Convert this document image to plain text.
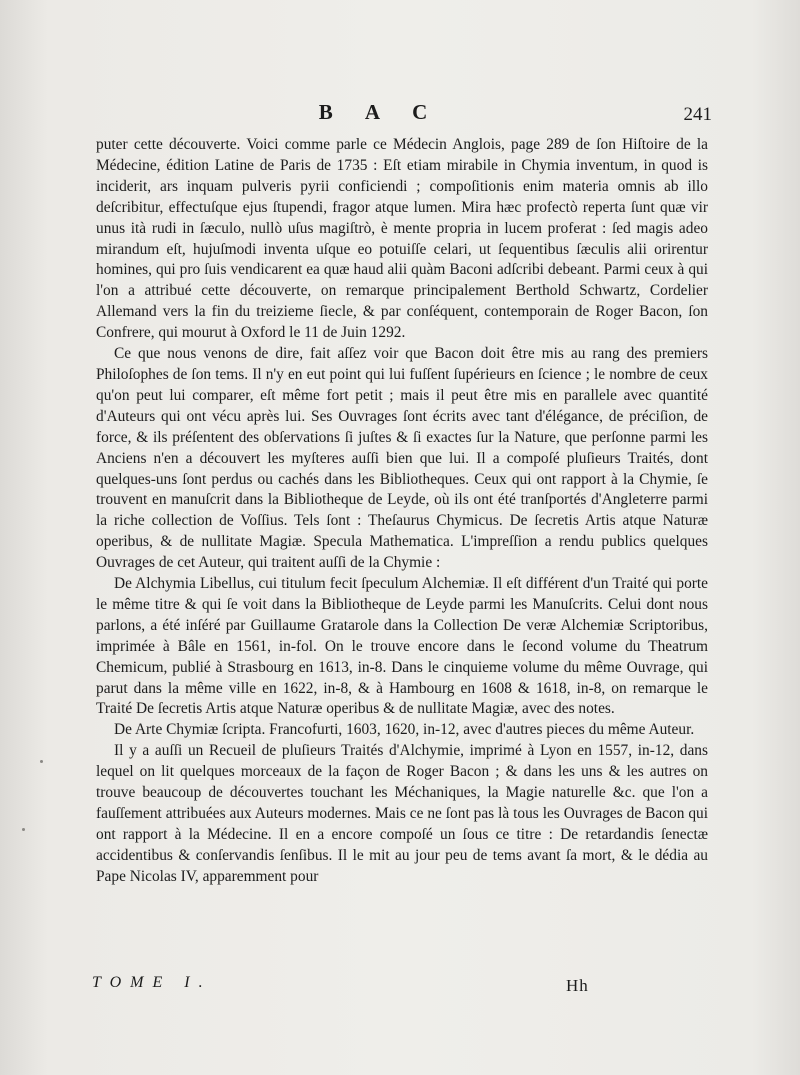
B A C	241

puter cette découverte. Voici comme parle ce Médecin Anglois, page 289 de ſon Hiſtoire de la Médecine, édition Latine de Paris de 1735 : Eſt etiam mirabile in Chymia inventum, in quod is inciderit, ars inquam pulveris pyrii conficiendi ; compoſitionis enim materia omnis ab illo deſcribitur, effectuſque ejus ſtupendi, fragor atque lumen. Mira hæc profectò reperta ſunt quæ vir unus ità rudi in ſæculo, nullò uſus magiſtrò, è mente propria in lucem proferat : ſed magis adeo mirandum eſt, hujuſmodi inventa uſque eo potuiſſe celari, ut ſequentibus ſæculis alii orirentur homines, qui pro ſuis vendicarent ea quæ haud alii quàm Baconi adſcribi debeant. Parmi ceux à qui l'on a attribué cette découverte, on remarque principalement Berthold Schwartz, Cordelier Allemand vers la fin du treizieme ſiecle, & par conſéquent, contemporain de Roger Bacon, ſon Confrere, qui mourut à Oxford le 11 de Juin 1292.

Ce que nous venons de dire, fait aſſez voir que Bacon doit être mis au rang des premiers Philoſophes de ſon tems. Il n'y en eut point qui lui fuſſent ſupérieurs en ſcience ; le nombre de ceux qu'on peut lui comparer, eſt même fort petit ; mais il peut être mis en parallele avec quantité d'Auteurs qui ont vécu après lui. Ses Ouvrages ſont écrits avec tant d'élégance, de préciſion, de force, & ils préſentent des obſervations ſi juſtes & ſi exactes ſur la Nature, que perſonne parmi les Anciens n'en a découvert les myſteres auſſi bien que lui. Il a compoſé pluſieurs Traités, dont quelques-uns ſont perdus ou cachés dans les Bibliotheques. Ceux qui ont rapport à la Chymie, ſe trouvent en manuſcrit dans la Bibliotheque de Leyde, où ils ont été tranſportés d'Angleterre parmi la riche collection de Voſſius. Tels ſont : Theſaurus Chymicus. De ſecretis Artis atque Naturæ operibus, & de nullitate Magiæ. Specula Mathematica. L'impreſſion a rendu publics quelques Ouvrages de cet Auteur, qui traitent auſſi de la Chymie :

De Alchymia Libellus, cui titulum fecit ſpeculum Alchemiæ. Il eſt différent d'un Traité qui porte le même titre & qui ſe voit dans la Bibliotheque de Leyde parmi les Manuſcrits. Celui dont nous parlons, a été inſéré par Guillaume Gratarole dans la Collection De veræ Alchemiæ Scriptoribus, imprimée à Bâle en 1561, in-fol. On le trouve encore dans le ſecond volume du Theatrum Chemicum, publié à Strasbourg en 1613, in-8. Dans le cinquieme volume du même Ouvrage, qui parut dans la même ville en 1622, in-8, & à Hambourg en 1608 & 1618, in-8, on remarque le Traité De ſecretis Artis atque Naturæ operibus & de nullitate Magiæ, avec des notes.

De Arte Chymiæ ſcripta. Francofurti, 1603, 1620, in-12, avec d'autres pieces du même Auteur.

Il y a auſſi un Recueil de pluſieurs Traités d'Alchymie, imprimé à Lyon en 1557, in-12, dans lequel on lit quelques morceaux de la façon de Roger Bacon ; & dans les uns & les autres on trouve beaucoup de découvertes touchant les Méchaniques, la Magie naturelle &c. que l'on a fauſſement attribuées aux Auteurs modernes. Mais ce ne ſont pas là tous les Ouvrages de Bacon qui ont rapport à la Médecine. Il en a encore compoſé un ſous ce titre : De retardandis ſenectæ accidentibus & conſervandis ſenſibus. Il le mit au jour peu de tems avant ſa mort, & le dédia au Pape Nicolas IV, apparemment pour

TOME I.	Hh
